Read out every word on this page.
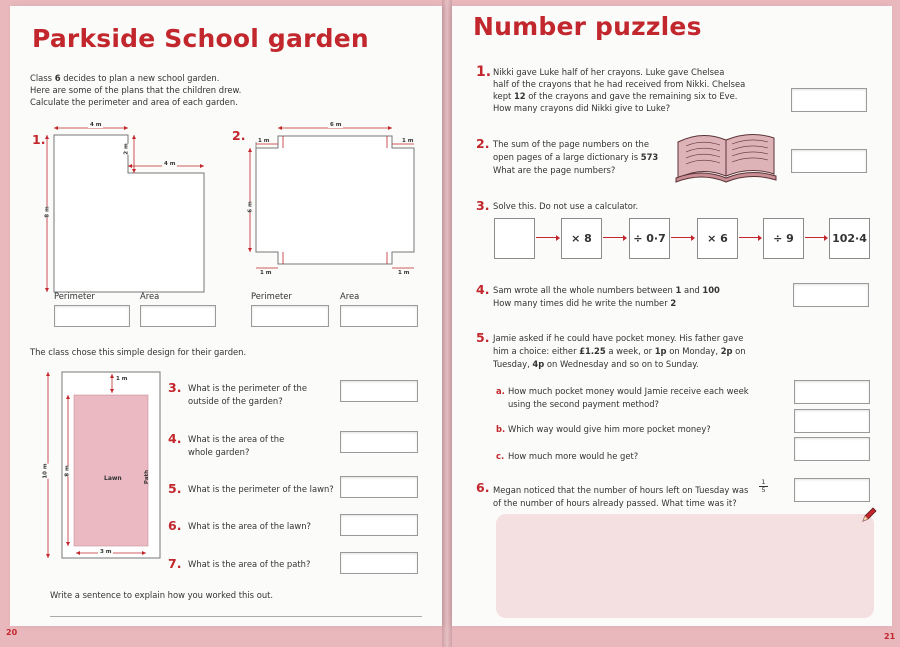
Parkside School garden
Class 6 decides to plan a new school garden.
Here are some of the plans that the children drew.
Calculate the perimeter and area of each garden.
1.
4 m
2 m
4 m
8 m
2.
6 m
6 m
1 m	1 m
1 m	1 m
Perimeter	Area	Perimeter	Area
The class chose this simple design for their garden.
1 m
10 m	8 m
Lawn	Path
3 m
3. What is the perimeter of the
outside of the garden?
4. What is the area of the
whole garden?
5. What is the perimeter of the lawn?
6. What is the area of the lawn?
7. What is the area of the path?
Write a sentence to explain how you worked this out.
20
Number puzzles
1. Nikki gave Luke half of her crayons. Luke gave Chelsea
half of the crayons that he had received from Nikki. Chelsea
kept 12 of the crayons and gave the remaining six to Eve.
How many crayons did Nikki give to Luke?
2. The sum of the page numbers on the
open pages of a large dictionary is 573
What are the page numbers?
3. Solve this. Do not use a calculator.
× 8	÷ 0·7	× 6	÷ 9	102·4
4. Sam wrote all the whole numbers between 1 and 100
How many times did he write the number 2
5. Jamie asked if he could have pocket money. His father gave
him a choice: either £1.25 a week, or 1p on Monday, 2p on
Tuesday, 4p on Wednesday and so on to Sunday.
a. How much pocket money would Jamie receive each week
using the second payment method?
b. Which way would give him more pocket money?
c. How much more would he get?
6. Megan noticed that the number of hours left on Tuesday was
1
5
of the number of hours already passed. What time was it?
21
